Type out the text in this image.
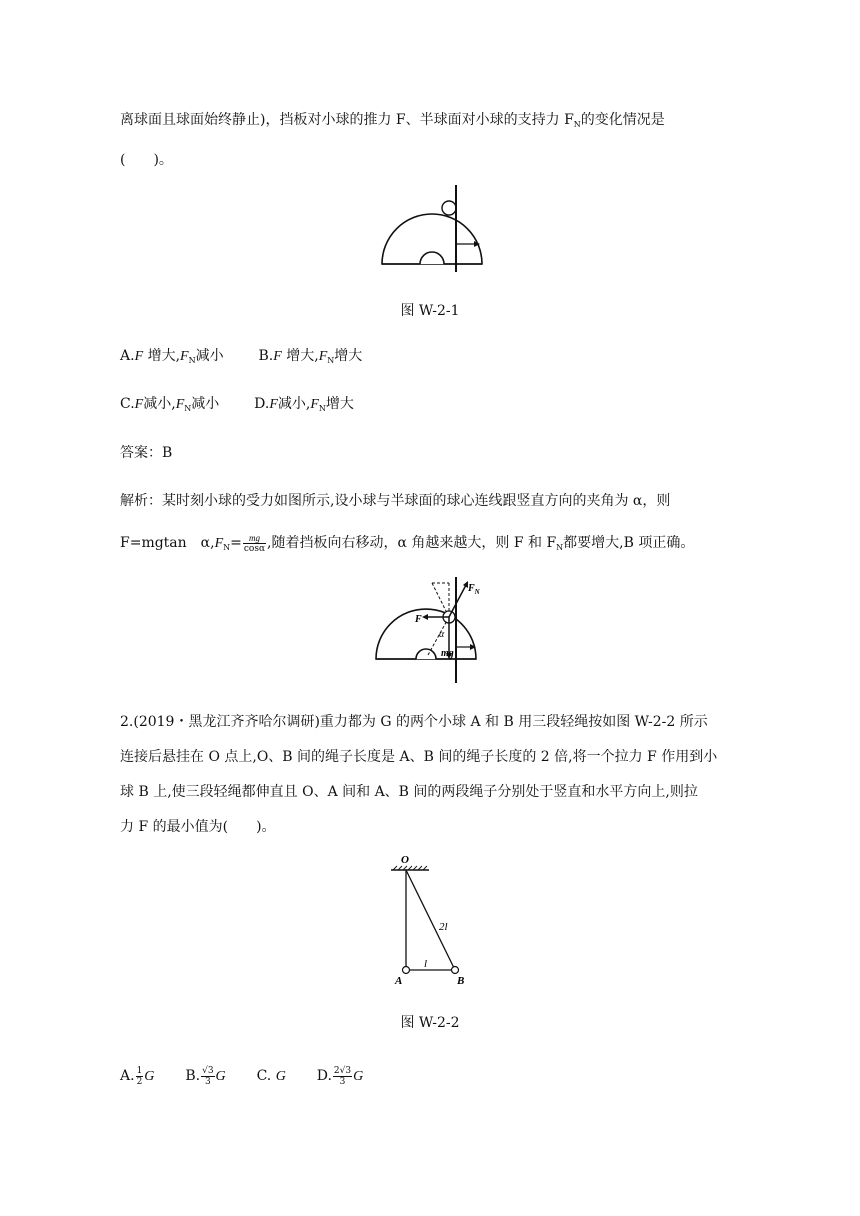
离球面且球面始终静止)，挡板对小球的推力 F、半球面对小球的支持力 $F_N$的变化情况是
(　　)。
图 W-2-1
A.F 增大$,F_N$减小 B.F 增大$,F_N$增大
C.F减小$,F_N$减小 D.F减小$,F_N$增大
答案：B
解析：某时刻小球的受力如图所示,设小球与半球面的球心连线跟竖直方向的夹角为 α，则
F=mgtan　$\alpha,F_N= \frac{mg}{\cos\alpha}$ ,随着挡板向右移动，α 角越来越大，则 F 和 $F_N$都要增大,B 项正确。
$F_N$
F
α
mg
2.(2019・黑龙江齐齐哈尔调研)重力都为 G 的两个小球 A 和 B 用三段轻绳按如图 W-2-2 所示
连接后悬挂在 O 点上,O、B 间的绳子长度是 A、B 间的绳子长度的 2 倍,将一个拉力 F 作用到小
球 B 上,使三段轻绳都伸直且 O、A 间和 A、B 间的两段绳子分别处于竖直和水平方向上,则拉
力 F 的最小值为(　　)。
O
A	B
l
2l
图 W-2-2
A. $\frac{1}{2}$ G B. $\frac{√3}{3}$ G C. G D. $\frac{2√3}{3}$ G
